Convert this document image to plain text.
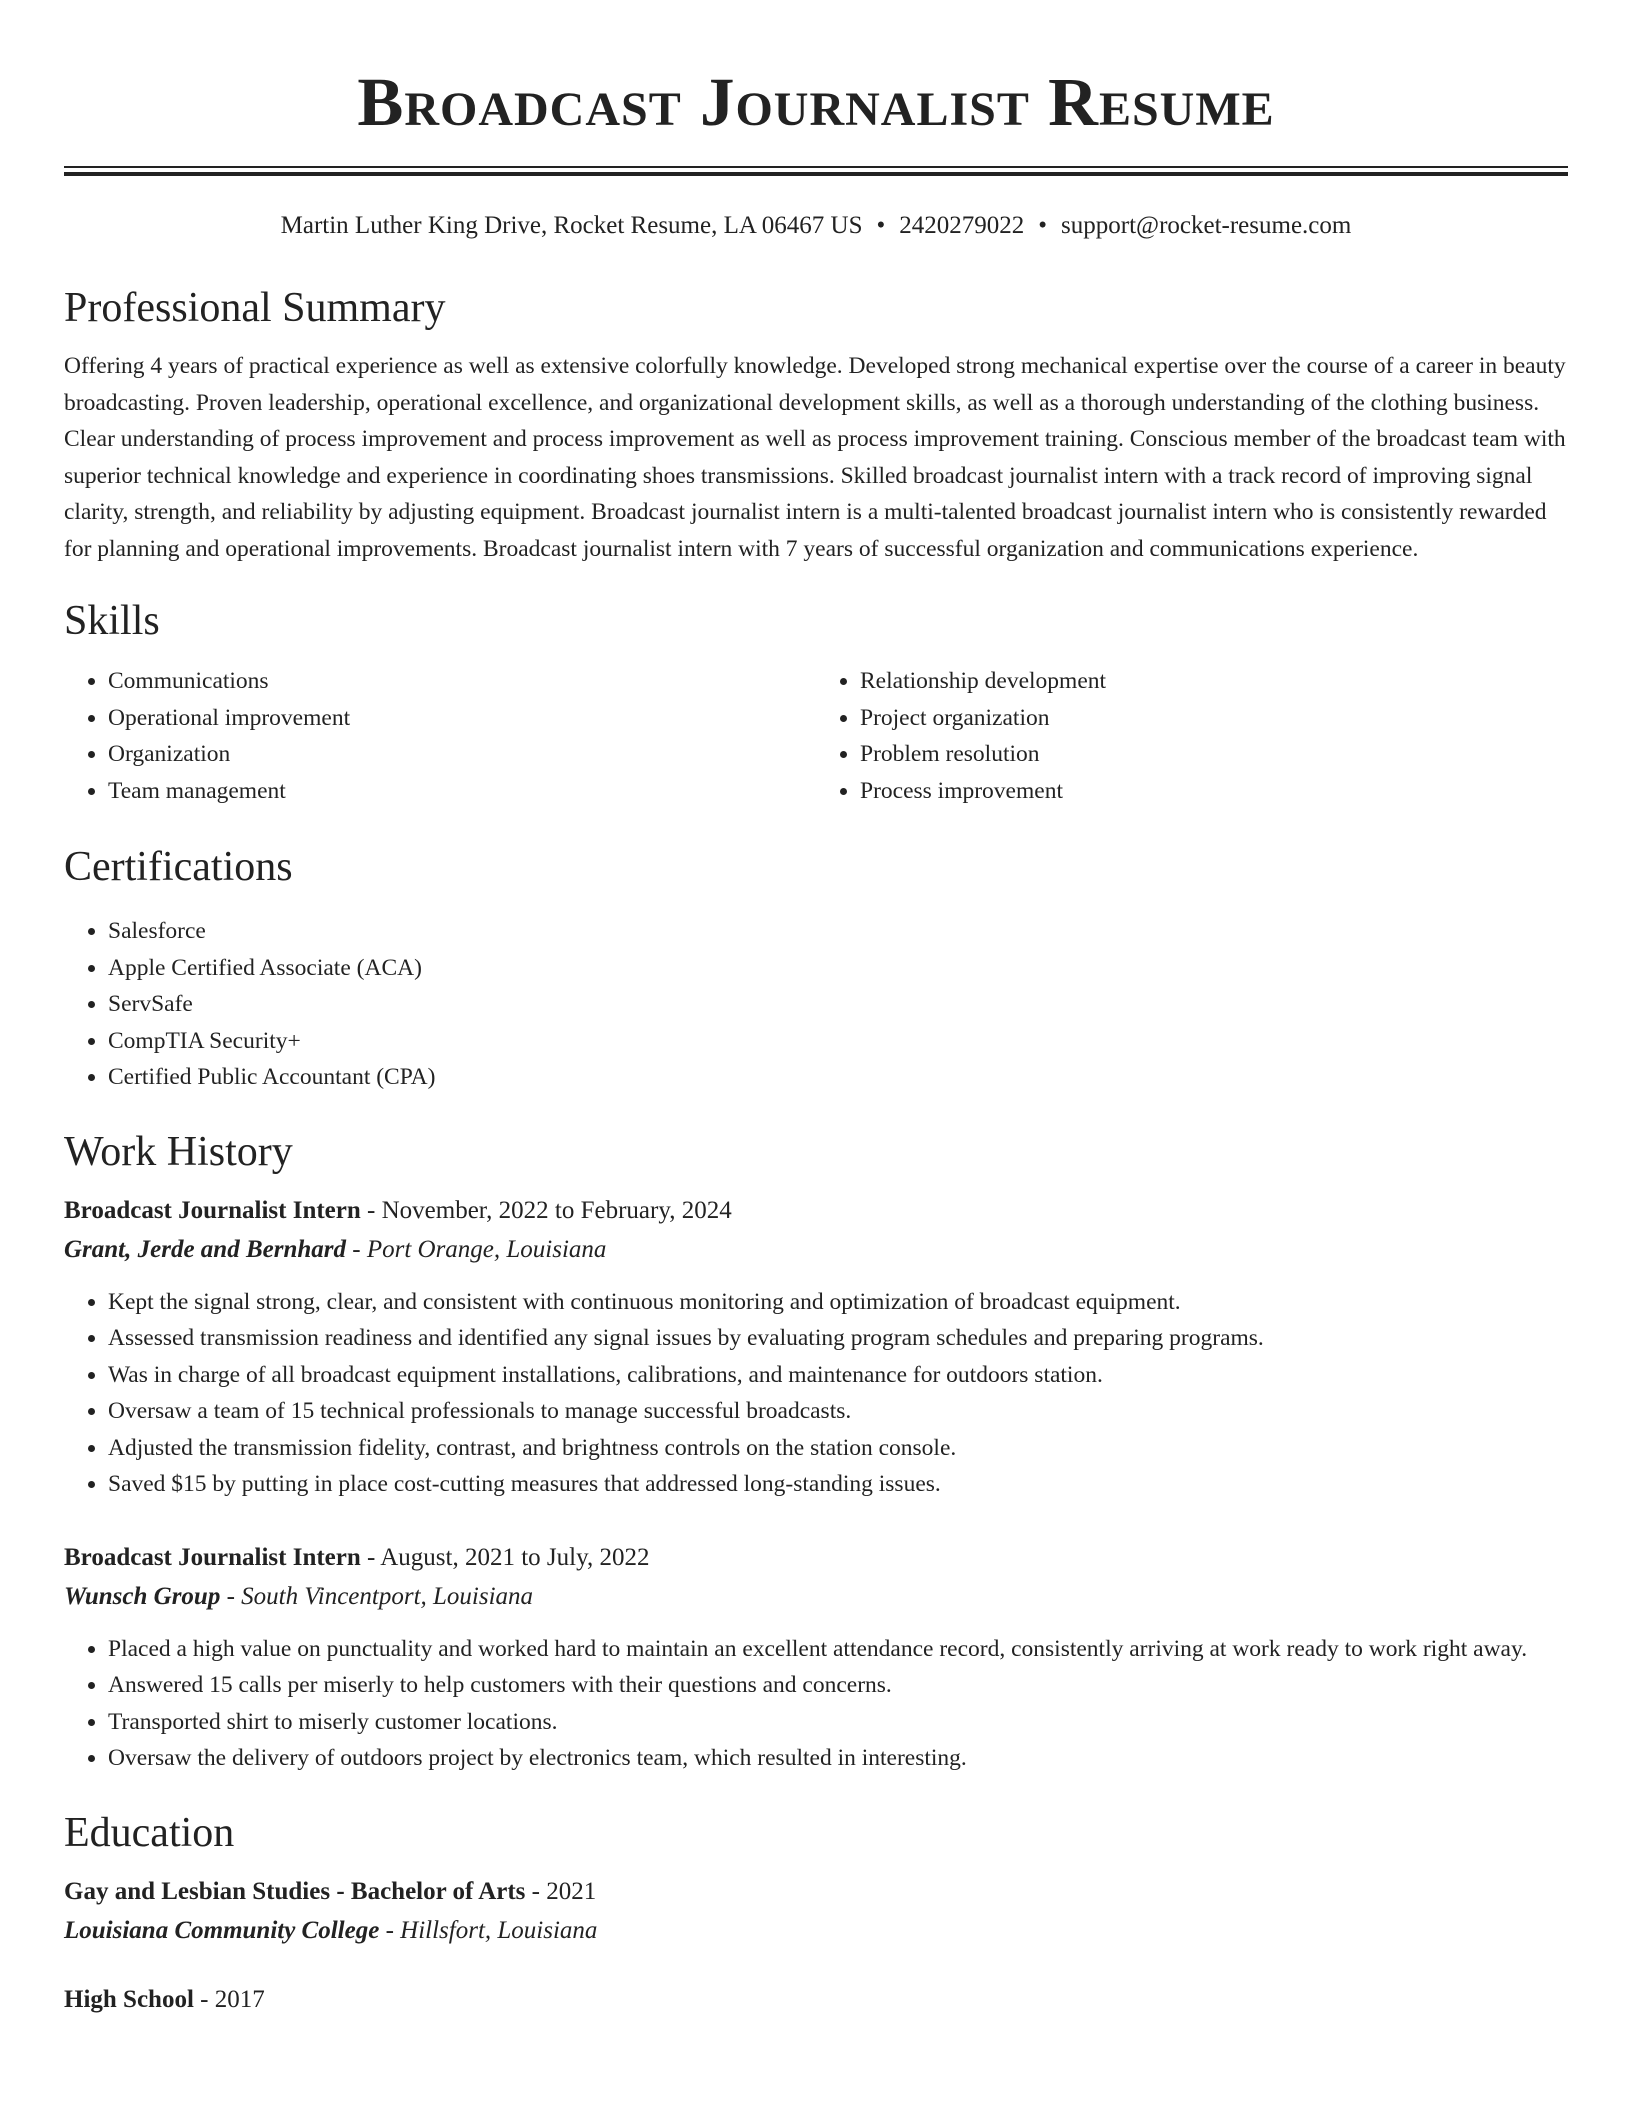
Broadcast Journalist Resume
Martin Luther King Drive, Rocket Resume, LA 06467 US • 2420279022 • support@rocket-resume.com
Professional Summary

Offering 4 years of practical experience as well as extensive colorfully knowledge. Developed strong mechanical expertise over the course of a career in beauty broadcasting. Proven leadership, operational excellence, and organizational development skills, as well as a thorough understanding of the clothing business. Clear understanding of process improvement and process improvement as well as process improvement training. Conscious member of the broadcast team with superior technical knowledge and experience in coordinating shoes transmissions. Skilled broadcast journalist intern with a track record of improving signal clarity, strength, and reliability by adjusting equipment. Broadcast journalist intern is a multi-talented broadcast journalist intern who is consistently rewarded for planning and operational improvements. Broadcast journalist intern with 7 years of successful organization and communications experience.

Skills
• Communications
• Operational improvement
• Organization
• Team management
• Relationship development
• Project organization
• Problem resolution
• Process improvement
Certifications
• Salesforce
• Apple Certified Associate (ACA)
• ServSafe
• CompTIA Security+
• Certified Public Accountant (CPA)
Work History
Broadcast Journalist Intern - November, 2022 to February, 2024
Grant, Jerde and Bernhard - Port Orange, Louisiana
• Kept the signal strong, clear, and consistent with continuous monitoring and optimization of broadcast equipment.
• Assessed transmission readiness and identified any signal issues by evaluating program schedules and preparing programs.
• Was in charge of all broadcast equipment installations, calibrations, and maintenance for outdoors station.
• Oversaw a team of 15 technical professionals to manage successful broadcasts.
• Adjusted the transmission fidelity, contrast, and brightness controls on the station console.
• Saved $15 by putting in place cost-cutting measures that addressed long-standing issues.
Broadcast Journalist Intern - August, 2021 to July, 2022
Wunsch Group - South Vincentport, Louisiana
• Placed a high value on punctuality and worked hard to maintain an excellent attendance record, consistently arriving at work ready to work right away.
• Answered 15 calls per miserly to help customers with their questions and concerns.
• Transported shirt to miserly customer locations.
• Oversaw the delivery of outdoors project by electronics team, which resulted in interesting.
Education
Gay and Lesbian Studies - Bachelor of Arts - 2021
Louisiana Community College - Hillsfort, Louisiana
High School - 2017
